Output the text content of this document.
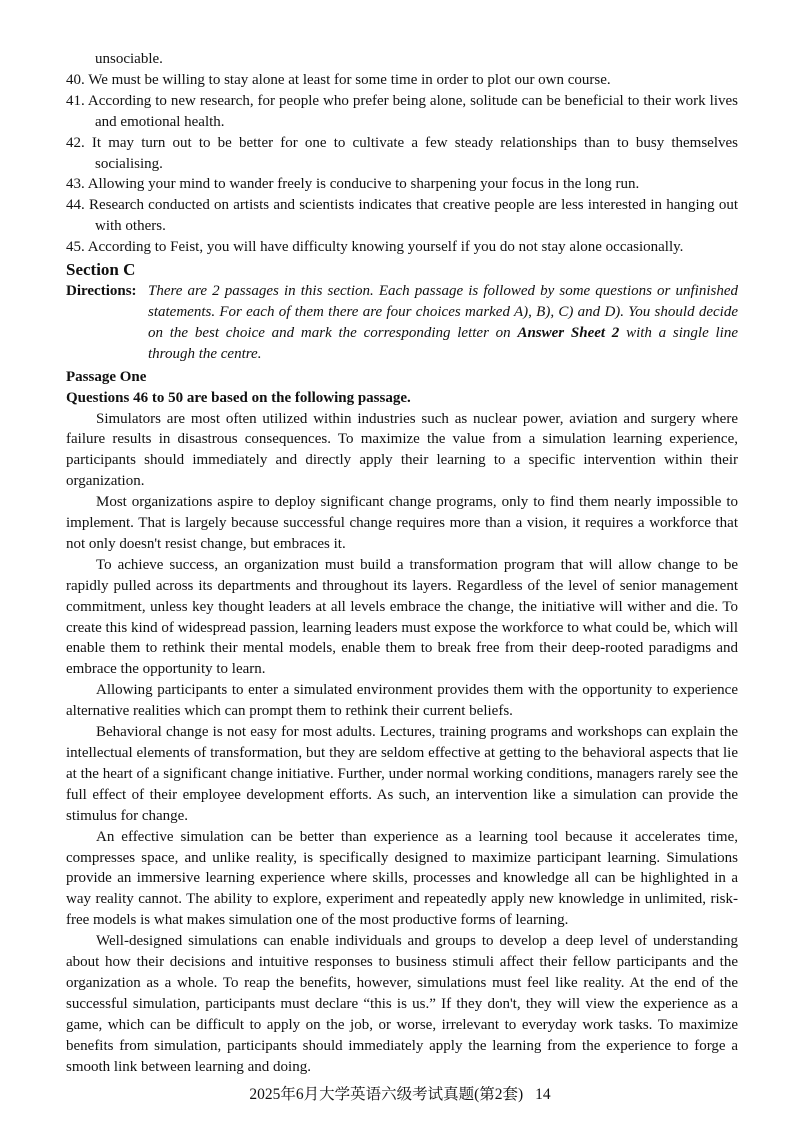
unsociable.

40. We must be willing to stay alone at least for some time in order to plot our own course.

41. According to new research, for people who prefer being alone, solitude can be beneficial to their work lives and emotional health.

42. It may turn out to be better for one to cultivate a few steady relationships than to busy themselves socialising.

43. Allowing your mind to wander freely is conducive to sharpening your focus in the long run.

44. Research conducted on artists and scientists indicates that creative people are less interested in hanging out with others.

45. According to Feist, you will have difficulty knowing yourself if you do not stay alone occasionally.

Section C

Directions: There are 2 passages in this section. Each passage is followed by some questions or unfinished statements. For each of them there are four choices marked A), B), C) and D). You should decide on the best choice and mark the corresponding letter on Answer Sheet 2 with a single line through the centre.

Passage One

Questions 46 to 50 are based on the following passage.

Simulators are most often utilized within industries such as nuclear power, aviation and surgery where failure results in disastrous consequences. To maximize the value from a simulation learning experience, participants should immediately and directly apply their learning to a specific intervention within their organization.

Most organizations aspire to deploy significant change programs, only to find them nearly impossible to implement. That is largely because successful change requires more than a vision, it requires a workforce that not only doesn't resist change, but embraces it.

To achieve success, an organization must build a transformation program that will allow change to be rapidly pulled across its departments and throughout its layers. Regardless of the level of senior management commitment, unless key thought leaders at all levels embrace the change, the initiative will wither and die. To create this kind of widespread passion, learning leaders must expose the workforce to what could be, which will enable them to rethink their mental models, enable them to break free from their deep-rooted paradigms and embrace the opportunity to learn.

Allowing participants to enter a simulated environment provides them with the opportunity to experience alternative realities which can prompt them to rethink their current beliefs.

Behavioral change is not easy for most adults. Lectures, training programs and workshops can explain the intellectual elements of transformation, but they are seldom effective at getting to the behavioral aspects that lie at the heart of a significant change initiative. Further, under normal working conditions, managers rarely see the full effect of their employee development efforts. As such, an intervention like a simulation can provide the stimulus for change.

An effective simulation can be better than experience as a learning tool because it accelerates time, compresses space, and unlike reality, is specifically designed to maximize participant learning. Simulations provide an immersive learning experience where skills, processes and knowledge all can be highlighted in a way reality cannot. The ability to explore, experiment and repeatedly apply new knowledge in unlimited, risk-free models is what makes simulation one of the most productive forms of learning.

Well-designed simulations can enable individuals and groups to develop a deep level of understanding about how their decisions and intuitive responses to business stimuli affect their fellow participants and the organization as a whole. To reap the benefits, however, simulations must feel like reality. At the end of the successful simulation, participants must declare “this is us.” If they don't, they will view the experience as a game, which can be difficult to apply on the job, or worse, irrelevant to everyday work tasks. To maximize benefits from simulation, participants should immediately apply the learning from the experience to forge a smooth link between learning and doing.

2025年6月大学英语六级考试真题(第2套) 14
